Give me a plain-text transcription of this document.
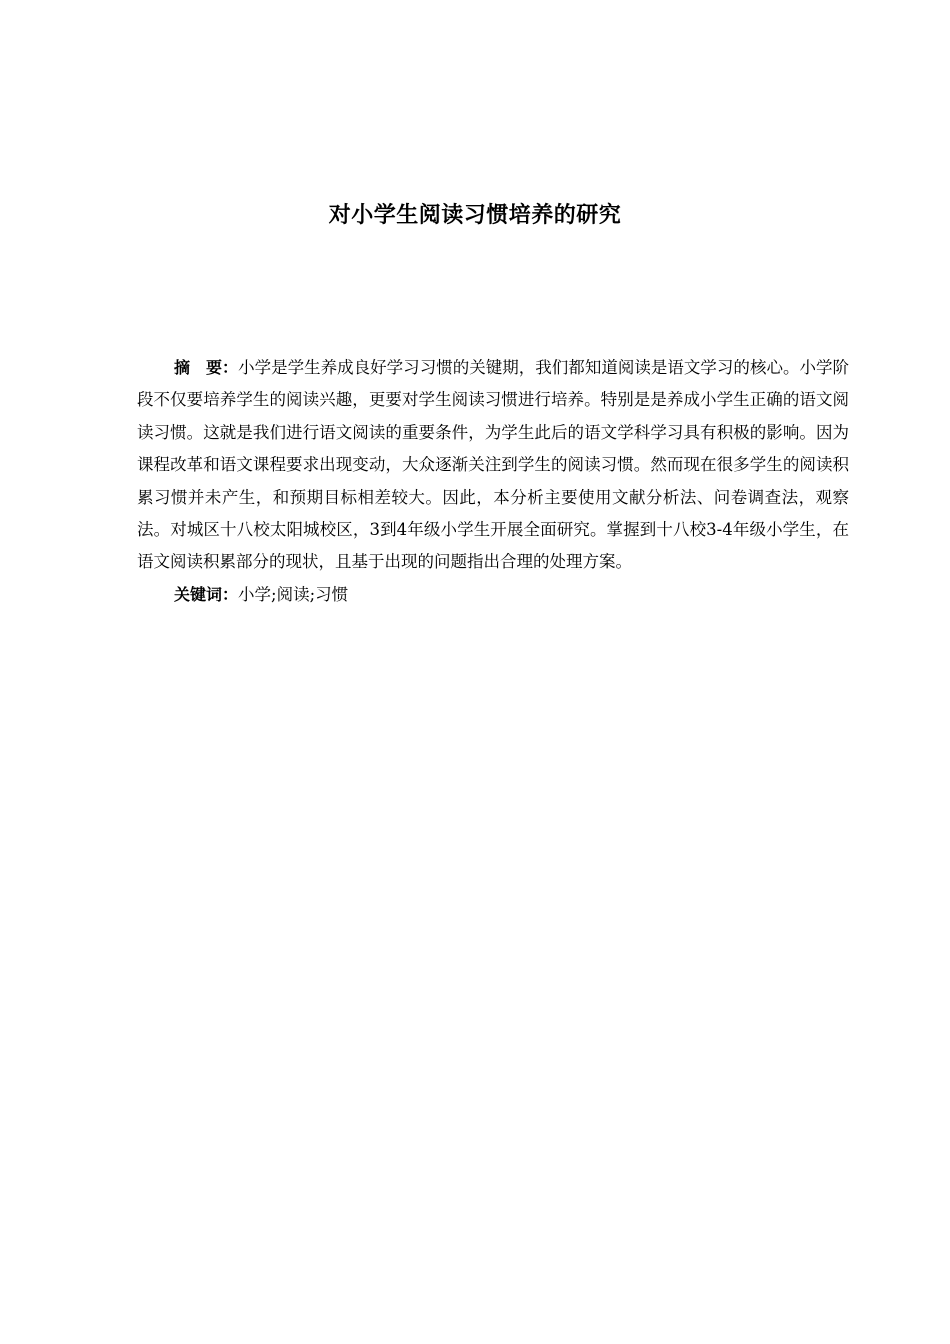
对小学生阅读习惯培养的研究

摘　要：小学是学生养成良好学习习惯的关键期，我们都知道阅读是语文学习的核心。小学阶段不仅要培养学生的阅读兴趣，更要对学生阅读习惯进行培养。特别是是养成小学生正确的语文阅读习惯。这就是我们进行语文阅读的重要条件，为学生此后的语文学科学习具有积极的影响。因为课程改革和语文课程要求出现变动，大众逐渐关注到学生的阅读习惯。然而现在很多学生的阅读积累习惯并未产生，和预期目标相差较大。因此，本分析主要使用文献分析法、问卷调查法，观察法。对城区十八校太阳城校区，3到4年级小学生开展全面研究。掌握到十八校3-4年级小学生，在语文阅读积累部分的现状，且基于出现的问题指出合理的处理方案。

关键词：小学;阅读;习惯
